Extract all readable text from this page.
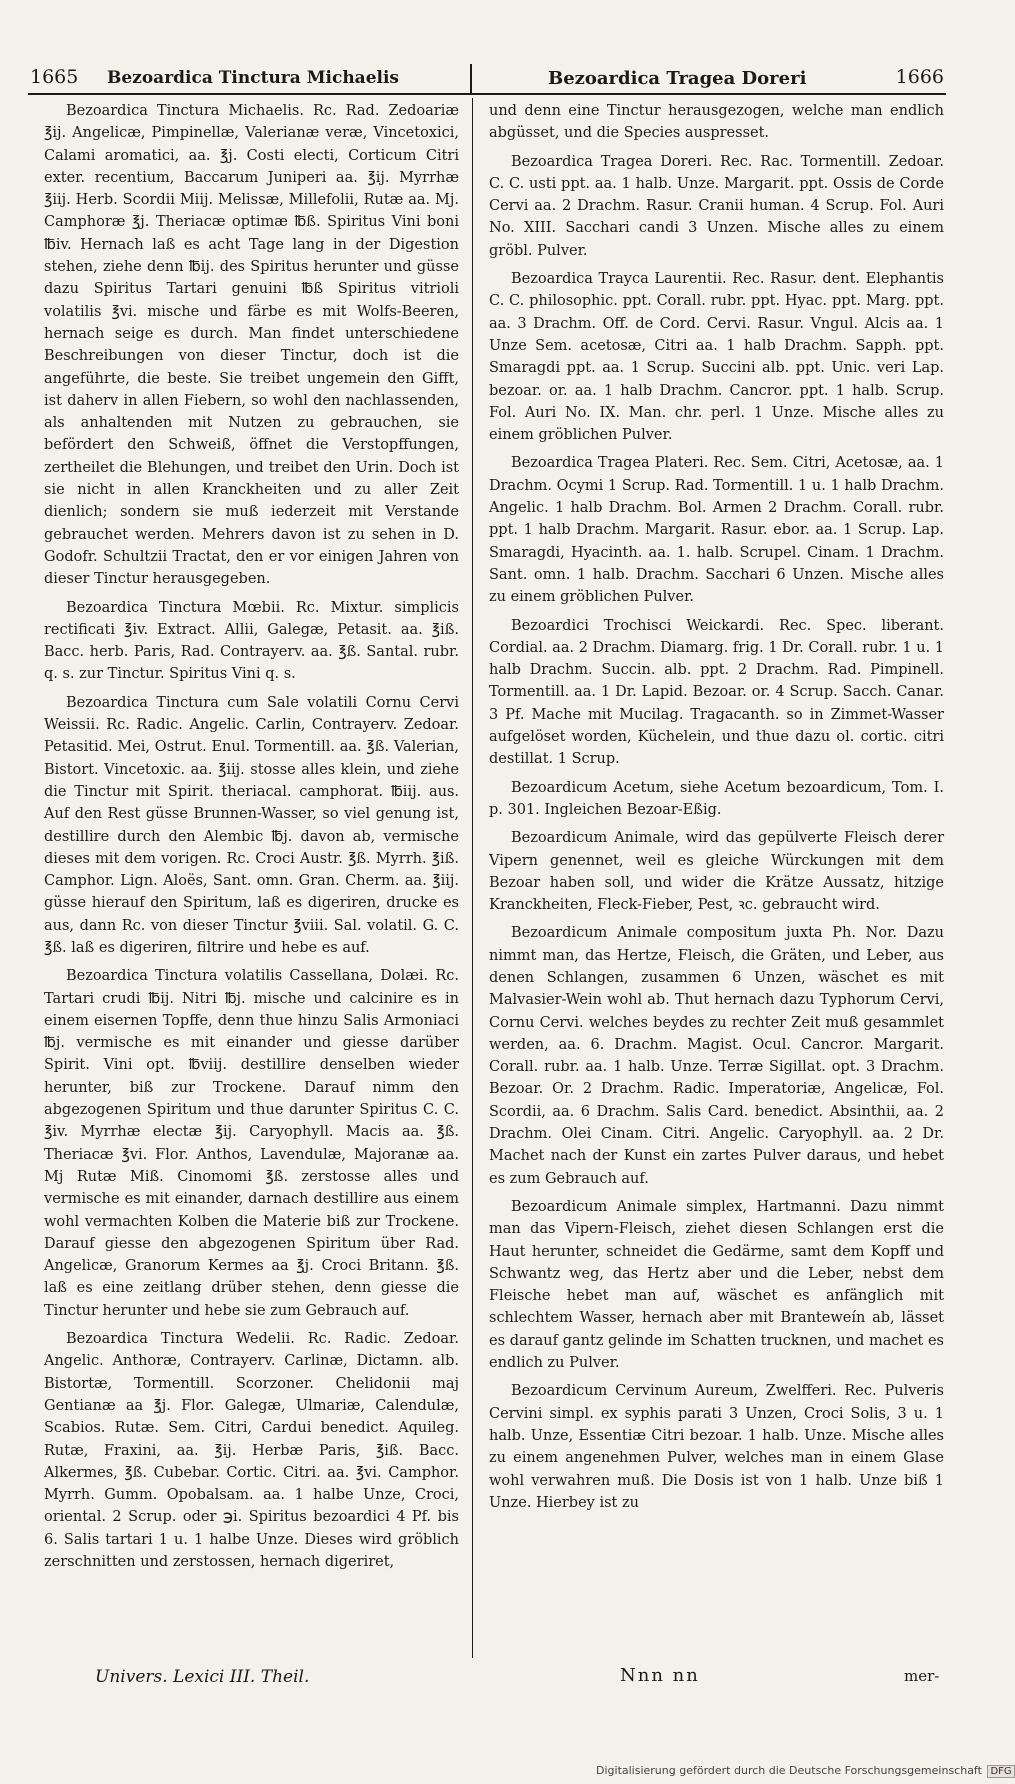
1665 Bezoardica Tinctura Michaelis	Bezoardica Tragea Doreri	1666

Bezoardica Tinctura Michaelis. Rc. Rad. Zedoariæ ℥ij. Angelicæ, Pimpinellæ, Valerianæ veræ, Vincetoxici, Calami aromatici, aa. ℥j. Costi electi, Corticum Citri exter. recentium, Baccarum Juniperi aa. ℥ij. Myrrhæ ℥iij. Herb. Scordii Miij. Melissæ, Millefolii, Rutæ aa. Mj. Camphoræ ℥j. Theriacæ optimæ ℔ß. Spiritus Vini boni ℔iv. Hernach laß es acht Tage lang in der Digestion stehen, ziehe denn ℔ij. des Spiritus herunter und güsse dazu Spiritus Tartari genuini ℔ß Spiritus vitrioli volatilis ℥vi. mische und färbe es mit Wolfs-Beeren, hernach seige es durch. Man findet unterschiedene Beschreibungen von dieser Tinctur, doch ist die angeführte, die beste. Sie treibet ungemein den Gifft, ist daherv in allen Fiebern, so wohl den nachlassenden, als anhaltenden mit Nutzen zu gebrauchen, sie befördert den Schweiß, öffnet die Verstopffungen, zertheilet die Blehungen, und treibet den Urin. Doch ist sie nicht in allen Kranckheiten und zu aller Zeit dienlich; sondern sie muß iederzeit mit Verstande gebrauchet werden. Mehrers davon ist zu sehen in D. Godofr. Schultzii Tractat, den er vor einigen Jahren von dieser Tinctur herausgegeben.

Bezoardica Tinctura Mœbii. Rc. Mixtur. simplicis rectificati ℥iv. Extract. Allii, Galegæ, Petasit. aa. ℥iß. Bacc. herb. Paris, Rad. Contrayerv. aa. ℥ß. Santal. rubr. q. s. zur Tinctur. Spiritus Vini q. s.

Bezoardica Tinctura cum Sale volatili Cornu Cervi Weissii. Rc. Radic. Angelic. Carlin, Contrayerv. Zedoar. Petasitid. Mei, Ostrut. Enul. Tormentill. aa. ℥ß. Valerian, Bistort. Vincetoxic. aa. ℥iij. stosse alles klein, und ziehe die Tinctur mit Spirit. theriacal. camphorat. ℔iij. aus. Auf den Rest güsse Brunnen-Wasser, so viel genung ist, destillire durch den Alembic ℔j. davon ab, vermische dieses mit dem vorigen. Rc. Croci Austr. ℥ß. Myrrh. ℥iß. Camphor. Lign. Aloës, Sant. omn. Gran. Cherm. aa. ℥iij. güsse hierauf den Spiritum, laß es digeriren, drucke es aus, dann Rc. von dieser Tinctur ℥viii. Sal. volatil. G. C. ℥ß. laß es digeriren, filtrire und hebe es auf.

Bezoardica Tinctura volatilis Cassellana, Dolæi. Rc. Tartari crudi ℔ij. Nitri ℔j. mische und calcinire es in einem eisernen Topffe, denn thue hinzu Salis Armoniaci ℔j. vermische es mit einander und giesse darüber Spirit. Vini opt. ℔viij. destillire denselben wieder herunter, biß zur Trockene. Darauf nimm den abgezogenen Spiritum und thue darunter Spiritus C. C. ℥iv. Myrrhæ electæ ℥ij. Caryophyll. Macis aa. ℥ß. Theriacæ ℥vi. Flor. Anthos, Lavendulæ, Majoranæ aa. Mj Rutæ Miß. Cinomomi ℥ß. zerstosse alles und vermische es mit einander, darnach destillire aus einem wohl vermachten Kolben die Materie biß zur Trockene. Darauf giesse den abgezogenen Spiritum über Rad. Angelicæ, Granorum Kermes aa ℥j. Croci Britann. ℥ß. laß es eine zeitlang drüber stehen, denn giesse die Tinctur herunter und hebe sie zum Gebrauch auf.

Bezoardica Tinctura Wedelii. Rc. Radic. Zedoar. Angelic. Anthoræ, Contrayerv. Carlinæ, Dictamn. alb. Bistortæ, Tormentill. Scorzoner. Chelidonii maj Gentianæ aa ℥j. Flor. Galegæ, Ulmariæ, Calendulæ, Scabios. Rutæ. Sem. Citri, Cardui benedict. Aquileg. Rutæ, Fraxini, aa. ℥ij. Herbæ Paris, ℥iß. Bacc. Alkermes, ℥ß. Cubebar. Cortic. Citri. aa. ℥vi. Camphor. Myrrh. Gumm. Opobalsam. aa. 1 halbe Unze, Croci, oriental. 2 Scrup. oder ℈i. Spiritus bezoardici 4 Pf. bis 6. Salis tartari 1 u. 1 halbe Unze. Dieses wird gröblich zerschnitten und zerstossen, hernach digeriret,

und denn eine Tinctur herausgezogen, welche man endlich abgüsset, und die Species auspresset.

Bezoardica Tragea Doreri. Rec. Rac. Tormentill. Zedoar. C. C. usti ppt. aa. 1 halb. Unze. Margarit. ppt. Ossis de Corde Cervi aa. 2 Drachm. Rasur. Cranii human. 4 Scrup. Fol. Auri No. XIII. Sacchari candi 3 Unzen. Mische alles zu einem gröbl. Pulver.

Bezoardica Trayca Laurentii. Rec. Rasur. dent. Elephantis C. C. philosophic. ppt. Corall. rubr. ppt. Hyac. ppt. Marg. ppt. aa. 3 Drachm. Off. de Cord. Cervi. Rasur. Vngul. Alcis aa. 1 Unze Sem. acetosæ, Citri aa. 1 halb Drachm. Sapph. ppt. Smaragdi ppt. aa. 1 Scrup. Succini alb. ppt. Unic. veri Lap. bezoar. or. aa. 1 halb Drachm. Cancror. ppt. 1 halb. Scrup. Fol. Auri No. IX. Man. chr. perl. 1 Unze. Mische alles zu einem gröblichen Pulver.

Bezoardica Tragea Plateri. Rec. Sem. Citri, Acetosæ, aa. 1 Drachm. Ocymi 1 Scrup. Rad. Tormentill. 1 u. 1 halb Drachm. Angelic. 1 halb Drachm. Bol. Armen 2 Drachm. Corall. rubr. ppt. 1 halb Drachm. Margarit. Rasur. ebor. aa. 1 Scrup. Lap. Smaragdi, Hyacinth. aa. 1. halb. Scrupel. Cinam. 1 Drachm. Sant. omn. 1 halb. Drachm. Sacchari 6 Unzen. Mische alles zu einem gröblichen Pulver.

Bezoardici Trochisci Weickardi. Rec. Spec. liberant. Cordial. aa. 2 Drachm. Diamarg. frig. 1 Dr. Corall. rubr. 1 u. 1 halb Drachm. Succin. alb. ppt. 2 Drachm. Rad. Pimpinell. Tormentill. aa. 1 Dr. Lapid. Bezoar. or. 4 Scrup. Sacch. Canar. 3 Pf. Mache mit Mucilag. Tragacanth. so in Zimmet-Wasser aufgelöset worden, Küchelein, und thue dazu ol. cortic. citri destillat. 1 Scrup.

Bezoardicum Acetum, siehe Acetum bezoardicum, Tom. I. p. 301. Ingleichen Bezoar-Eßig.

Bezoardicum Animale, wird das gepülverte Fleisch derer Vipern genennet, weil es gleiche Würckungen mit dem Bezoar haben soll, und wider die Krätze Aussatz, hitzige Kranckheiten, Fleck-Fieber, Pest, ꝛc. gebraucht wird.

Bezoardicum Animale compositum juxta Ph. Nor. Dazu nimmt man, das Hertze, Fleisch, die Gräten, und Leber, aus denen Schlangen, zusammen 6 Unzen, wäschet es mit Malvasier-Wein wohl ab. Thut hernach dazu Typhorum Cervi, Cornu Cervi. welches beydes zu rechter Zeit muß gesammlet werden, aa. 6. Drachm. Magist. Ocul. Cancror. Margarit. Corall. rubr. aa. 1 halb. Unze. Terræ Sigillat. opt. 3 Drachm. Bezoar. Or. 2 Drachm. Radic. Imperatoriæ, Angelicæ, Fol. Scordii, aa. 6 Drachm. Salis Card. benedict. Absinthii, aa. 2 Drachm. Olei Cinam. Citri. Angelic. Caryophyll. aa. 2 Dr. Machet nach der Kunst ein zartes Pulver daraus, und hebet es zum Gebrauch auf.

Bezoardicum Animale simplex, Hartmanni. Dazu nimmt man das Vipern-Fleisch, ziehet diesen Schlangen erst die Haut herunter, schneidet die Gedärme, samt dem Kopff und Schwantz weg, das Hertz aber und die Leber, nebst dem Fleische hebet man auf, wäschet es anfänglich mit schlechtem Wasser, hernach aber mit Branteweín ab, lässet es darauf gantz gelinde im Schatten trucknen, und machet es endlich zu Pulver.

Bezoardicum Cervinum Aureum, Zwelfferi. Rec. Pulveris Cervini simpl. ex syphis parati 3 Unzen, Croci Solis, 3 u. 1 halb. Unze, Essentiæ Citri bezoar. 1 halb. Unze. Mische alles zu einem angenehmen Pulver, welches man in einem Glase wohl verwahren muß. Die Dosis ist von 1 halb. Unze biß 1 Unze. Hierbey ist zu

Univers. Lexici III. Theil.	Nnn nn	mer-
Digitalisierung gefördert durch die Deutsche Forschungsgemeinschaft DFG
